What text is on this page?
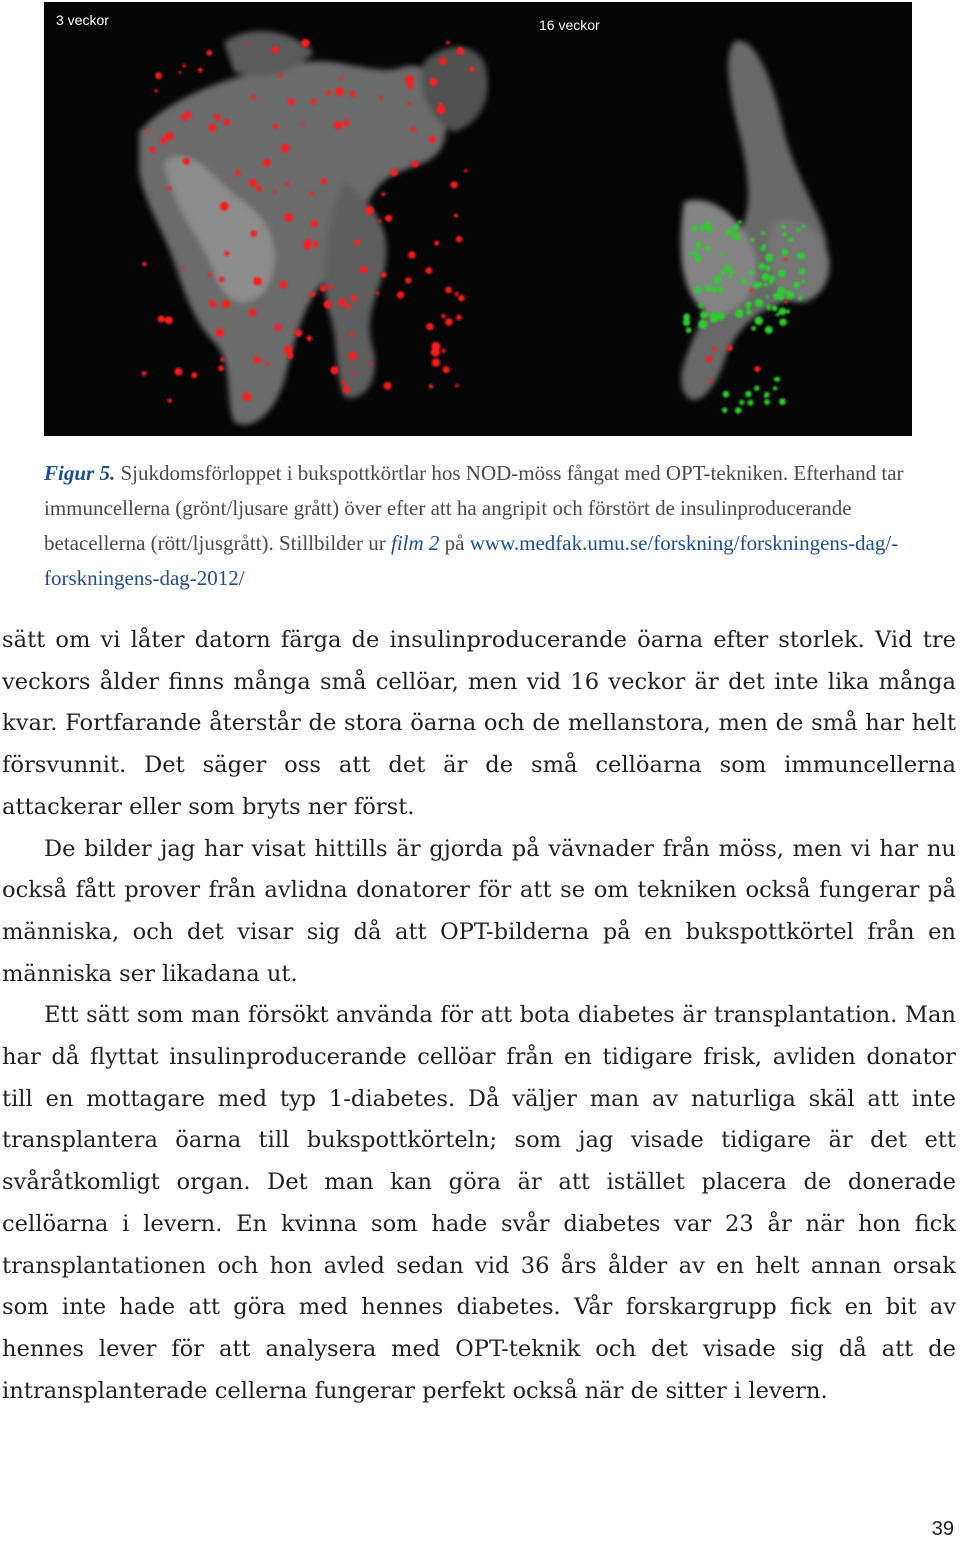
3 veckor	16 veckor
Figur 5. Sjukdomsförloppet i bukspottkörtlar hos NOD-möss fångat med OPT-tekniken. Efterhand tar immuncellerna (grönt/ljusare grått) över efter att ha angripit och förstört de insulinproducerande betacellerna (rött/ljusgrått). Stillbilder ur film 2 på www.medfak.umu.se/forskning/forskningens-dag/-forskningens-dag-2012/

sätt om vi låter datorn färga de insulinproducerande öarna efter storlek. Vid tre veckors ålder finns många små cellöar, men vid 16 veckor är det inte lika många kvar. Fortfarande återstår de stora öarna och de mellanstora, men de små har helt försvunnit. Det säger oss att det är de små cellöarna som immuncellerna attackerar eller som bryts ner först.

De bilder jag har visat hittills är gjorda på vävnader från möss, men vi har nu också fått prover från avlidna donatorer för att se om tekniken också fungerar på människa, och det visar sig då att OPT-bilderna på en bukspottkörtel från en människa ser likadana ut.

Ett sätt som man försökt använda för att bota diabetes är transplantation. Man har då flyttat insulinproducerande cellöar från en tidigare frisk, avliden donator till en mottagare med typ 1-diabetes. Då väljer man av naturliga skäl att inte transplantera öarna till bukspottkörteln; som jag visade tidigare är det ett svåråtkomligt organ. Det man kan göra är att istället placera de donerade cellöarna i levern. En kvinna som hade svår diabetes var 23 år när hon fick transplantationen och hon avled sedan vid 36 års ålder av en helt annan orsak som inte hade att göra med hennes diabetes. Vår forskargrupp fick en bit av hennes lever för att analysera med OPT-teknik och det visade sig då att de intransplanterade cellerna fungerar perfekt också när de sitter i levern.

39
